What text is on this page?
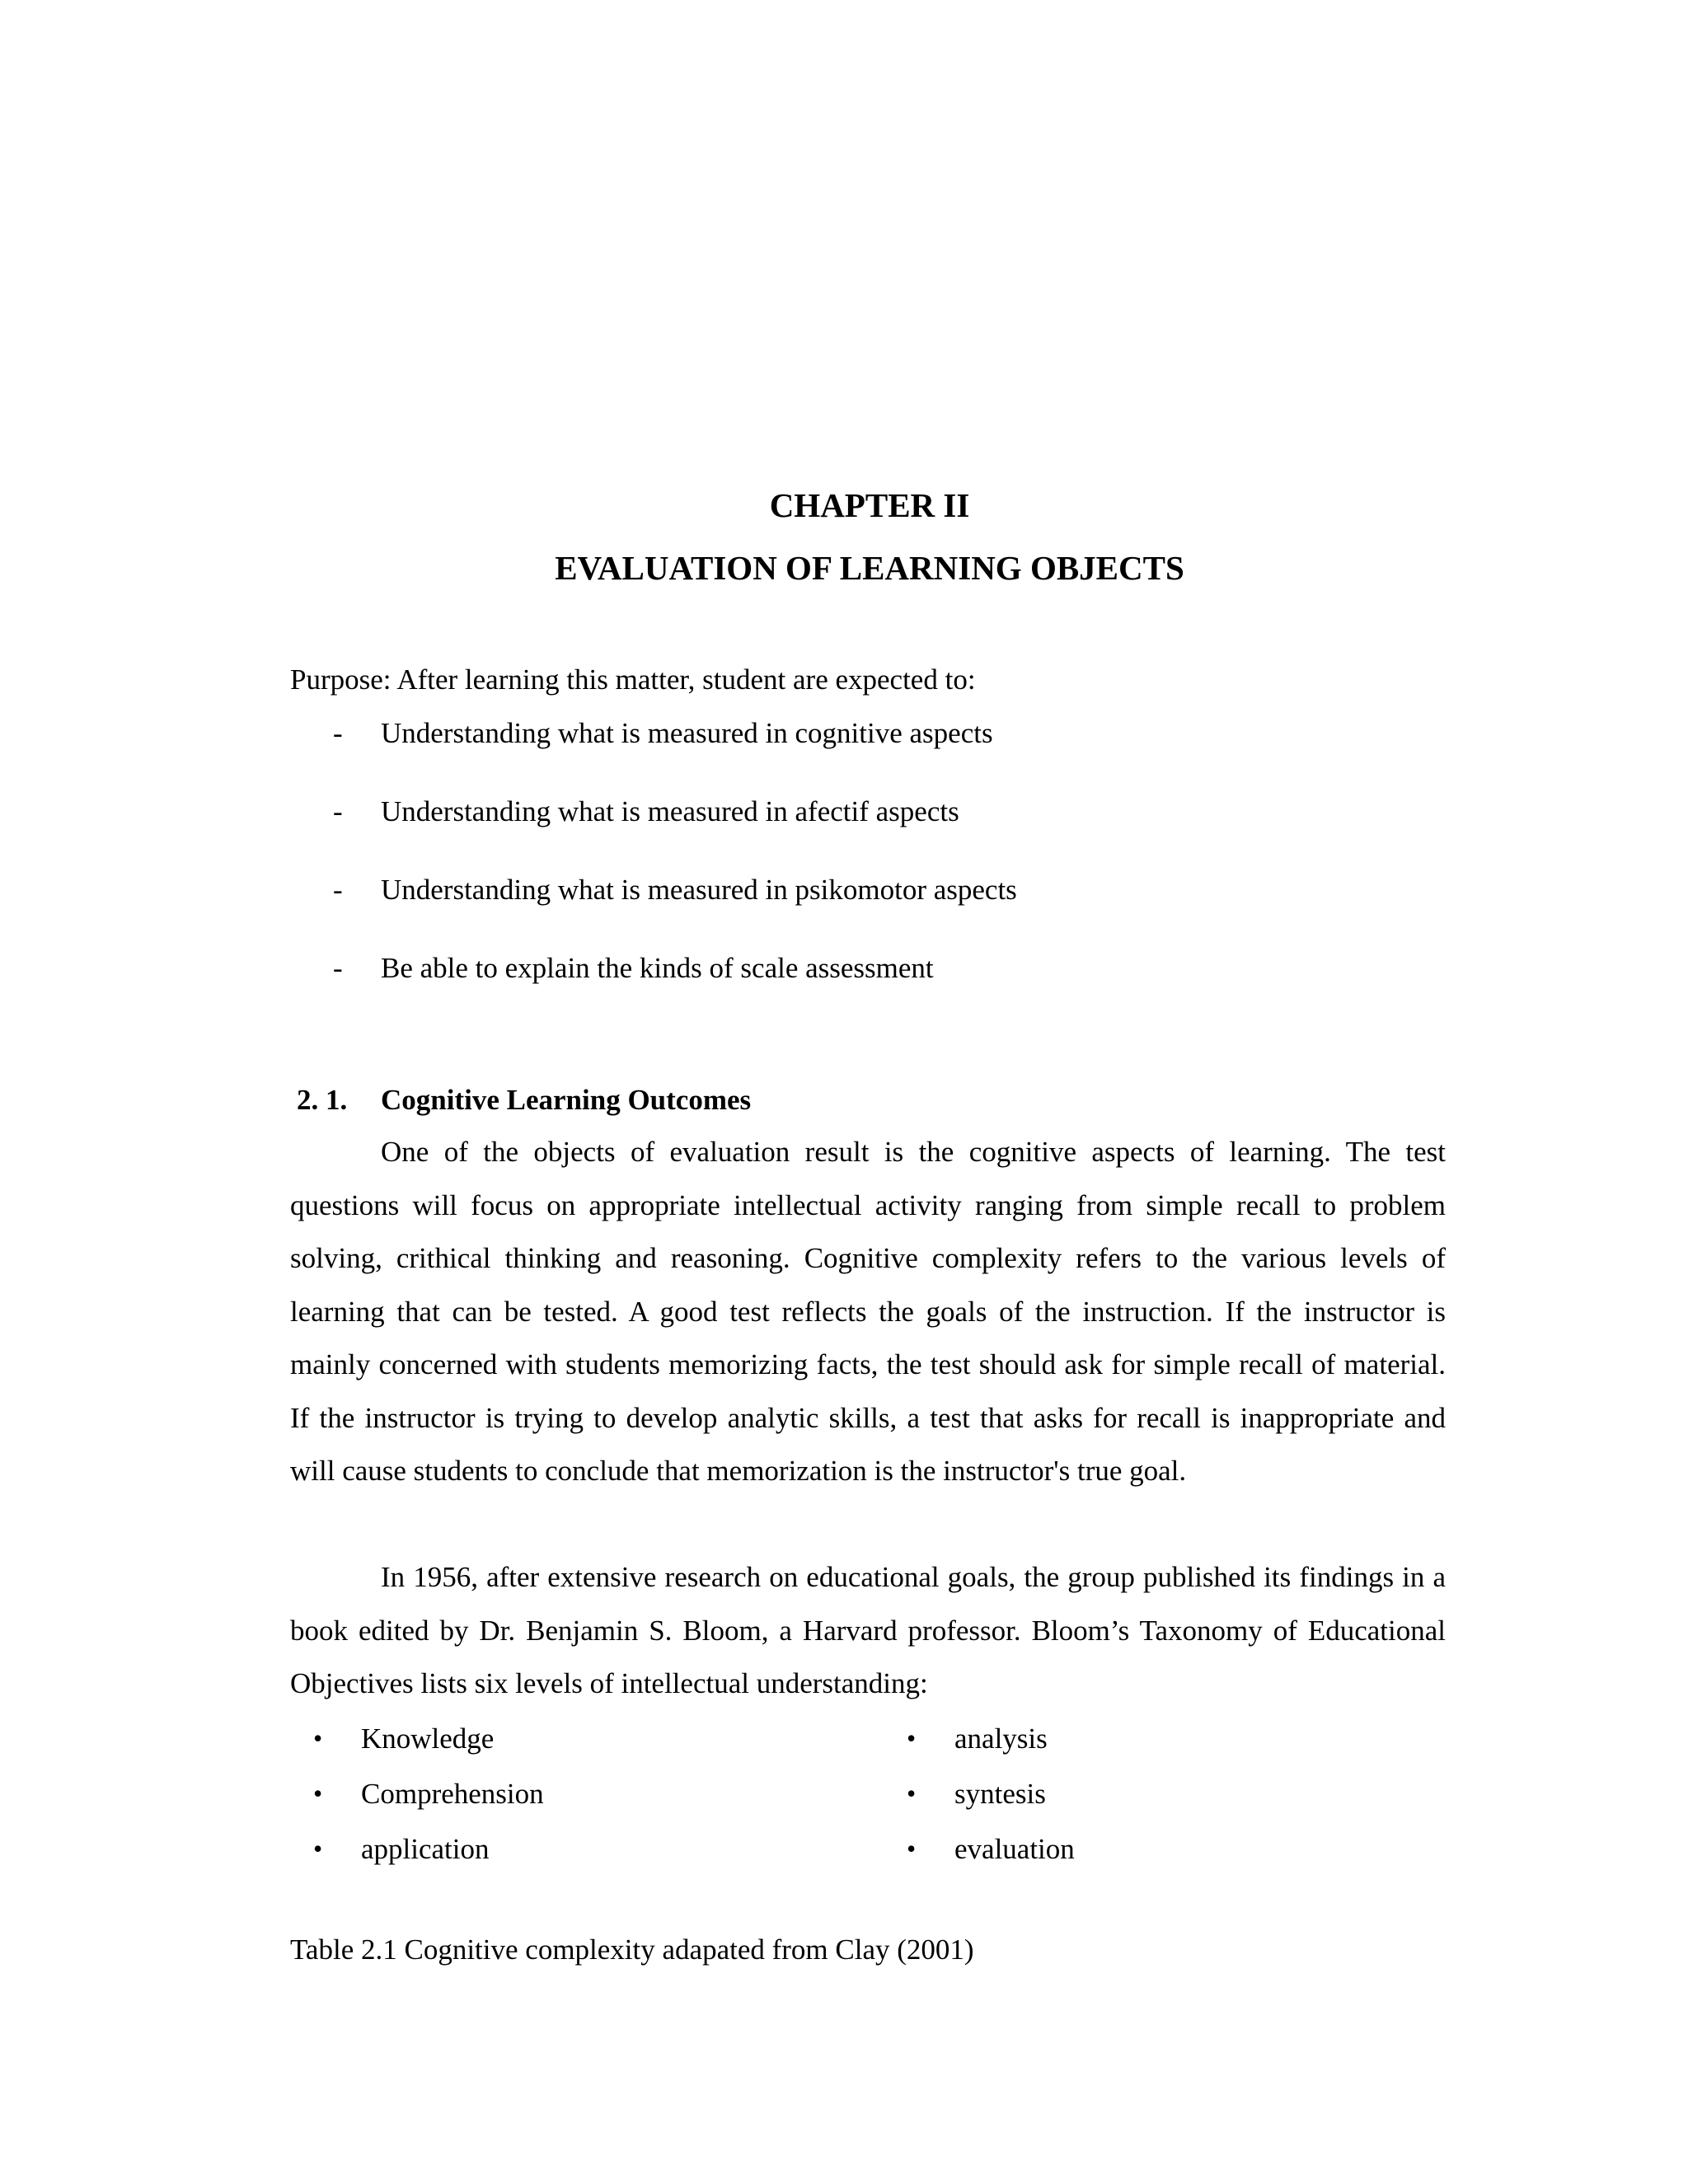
CHAPTER II
EVALUATION OF LEARNING OBJECTS
Purpose: After learning this matter, student are expected to:
- Understanding what is measured in cognitive aspects
- Understanding what is measured in afectif aspects
- Understanding what is measured in psikomotor aspects
- Be able to explain the kinds of scale assessment
2. 1. Cognitive Learning Outcomes

One of the objects of evaluation result is the cognitive aspects of learning. The test questions will focus on appropriate intellectual activity ranging from simple recall to problem solving, crithical thinking and reasoning. Cognitive complexity refers to the various levels of learning that can be tested. A good test reflects the goals of the instruction. If the instructor is mainly concerned with students memorizing facts, the test should ask for simple recall of material. If the instructor is trying to develop analytic skills, a test that asks for recall is inappropriate and will cause students to conclude that memorization is the instructor's true goal.

In 1956, after extensive research on educational goals, the group published its findings in a book edited by Dr. Benjamin S. Bloom, a Harvard professor. Bloom’s Taxonomy of Educational Objectives lists six levels of intellectual understanding:

• Knowledge
• Comprehension
• application
• analysis
• syntesis
• evaluation
Table 2.1 Cognitive complexity adapated from Clay (2001)
